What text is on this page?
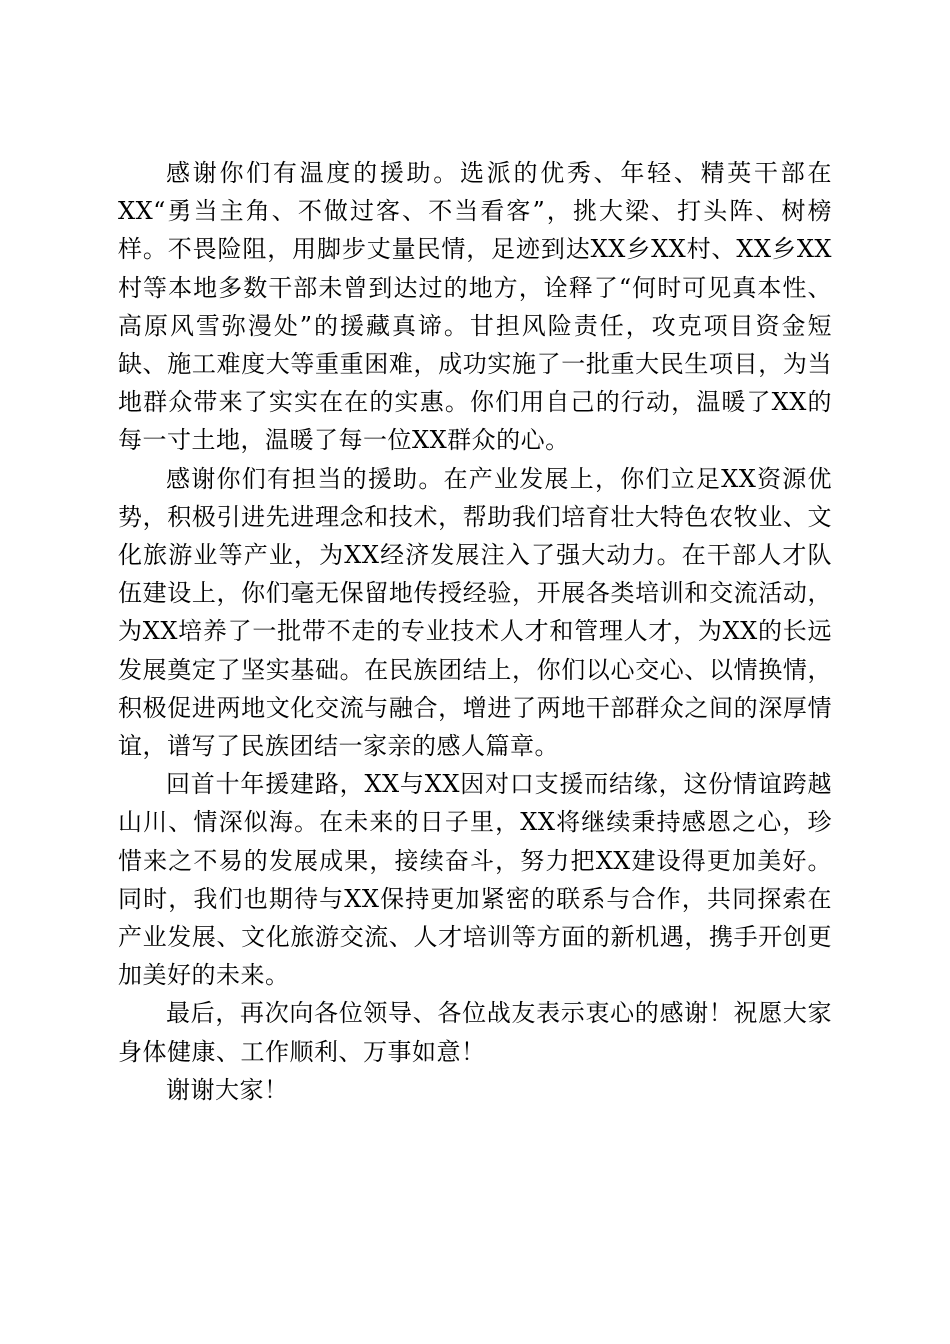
感谢你们有温度的援助。选派的优秀、年轻、精英干部在XX“勇当主角、不做过客、不当看客”，挑大梁、打头阵、树榜样。不畏险阻，用脚步丈量民情，足迹到达XX乡XX村、XX乡XX村等本地多数干部未曾到达过的地方，诠释了“何时可见真本性、高原风雪弥漫处”的援藏真谛。甘担风险责任，攻克项目资金短缺、施工难度大等重重困难，成功实施了一批重大民生项目，为当地群众带来了实实在在的实惠。你们用自己的行动，温暖了XX的每一寸土地，温暖了每一位XX群众的心。

感谢你们有担当的援助。在产业发展上，你们立足XX资源优势，积极引进先进理念和技术，帮助我们培育壮大特色农牧业、文化旅游业等产业，为XX经济发展注入了强大动力。在干部人才队伍建设上，你们毫无保留地传授经验，开展各类培训和交流活动，为XX培养了一批带不走的专业技术人才和管理人才，为XX的长远发展奠定了坚实基础。在民族团结上，你们以心交心、以情换情，积极促进两地文化交流与融合，增进了两地干部群众之间的深厚情谊，谱写了民族团结一家亲的感人篇章。

回首十年援建路，XX与XX因对口支援而结缘，这份情谊跨越山川、情深似海。在未来的日子里，XX将继续秉持感恩之心，珍惜来之不易的发展成果，接续奋斗，努力把XX建设得更加美好。同时，我们也期待与XX保持更加紧密的联系与合作，共同探索在产业发展、文化旅游交流、人才培训等方面的新机遇，携手开创更加美好的未来。

最后，再次向各位领导、各位战友表示衷心的感谢！祝愿大家身体健康、工作顺利、万事如意！

谢谢大家！
